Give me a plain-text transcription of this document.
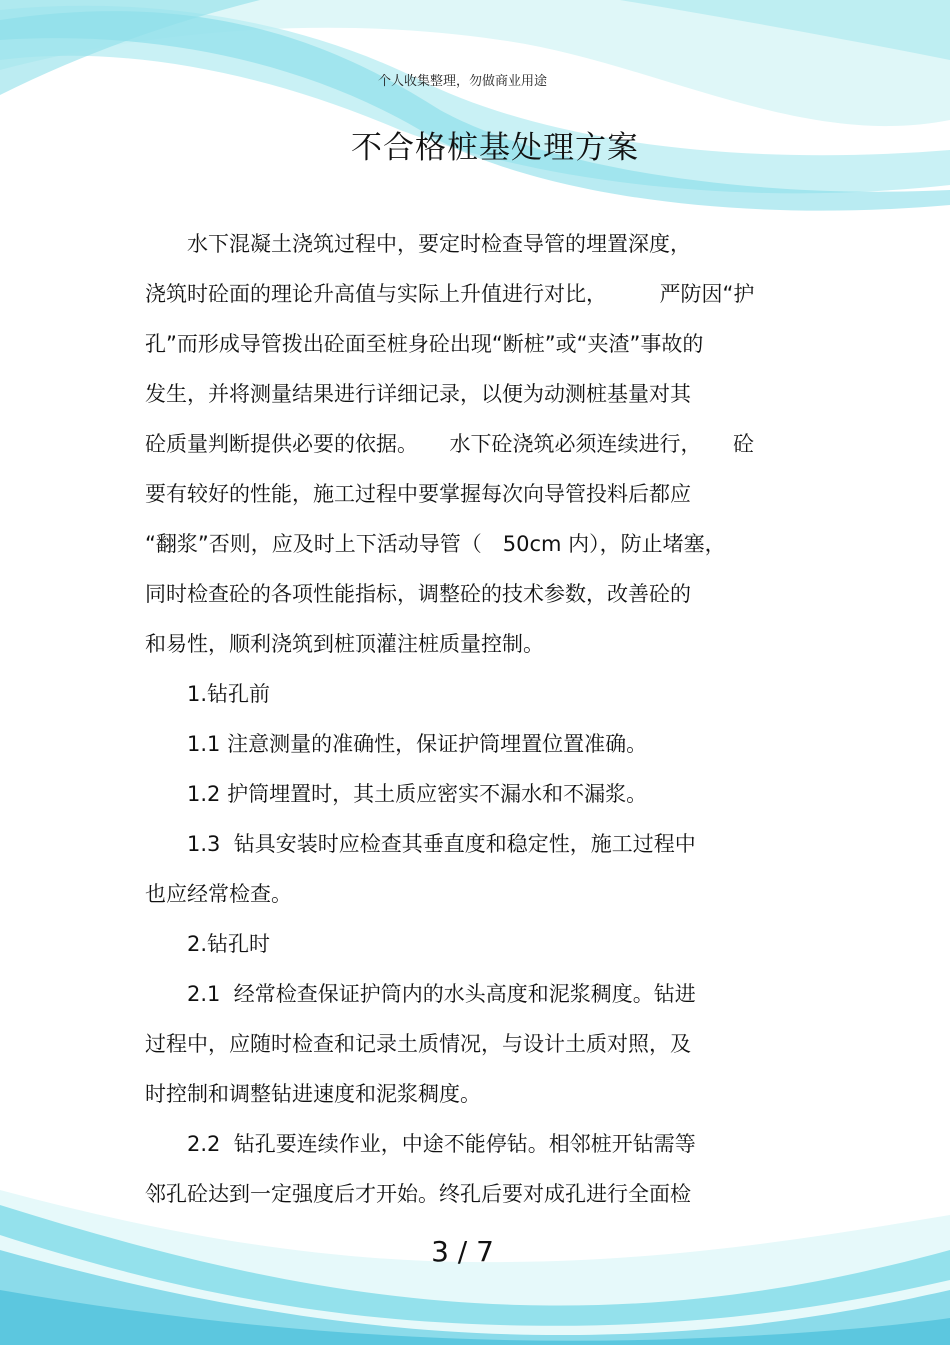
个人收集整理，勿做商业用途
不合格桩基处理方案
　　水下混凝土浇筑过程中，要定时检查导管的埋置深度，
浇筑时砼面的理论升高值与实际上升值进行对比，　　　严防因“护
孔”而形成导管拨出砼面至桩身砼出现“断桩”或“夹渣”事故的
发生，并将测量结果进行详细记录，以便为动测桩基量对其
砼质量判断提供必要的依据。　　水下砼浇筑必须连续进行，　　砼
要有较好的性能，施工过程中要掌握每次向导管投料后都应
“翻浆”否则，应及时上下活动导管（　50cm 内），防止堵塞，
同时检查砼的各项性能指标，调整砼的技术参数，改善砼的
和易性，顺利浇筑到桩顶灌注桩质量控制。
　　1.钻孔前
　　1.1 注意测量的准确性，保证护筒埋置位置准确。
　　1.2 护筒埋置时，其土质应密实不漏水和不漏浆。
　　1.3  钻具安装时应检查其垂直度和稳定性，施工过程中
也应经常检查。
　　2.钻孔时
　　2.1  经常检查保证护筒内的水头高度和泥浆稠度。钻进
过程中，应随时检查和记录土质情况，与设计土质对照，及
时控制和调整钻进速度和泥浆稠度。
　　2.2  钻孔要连续作业，中途不能停钻。相邻桩开钻需等
邻孔砼达到一定强度后才开始。终孔后要对成孔进行全面检
3 / 7
